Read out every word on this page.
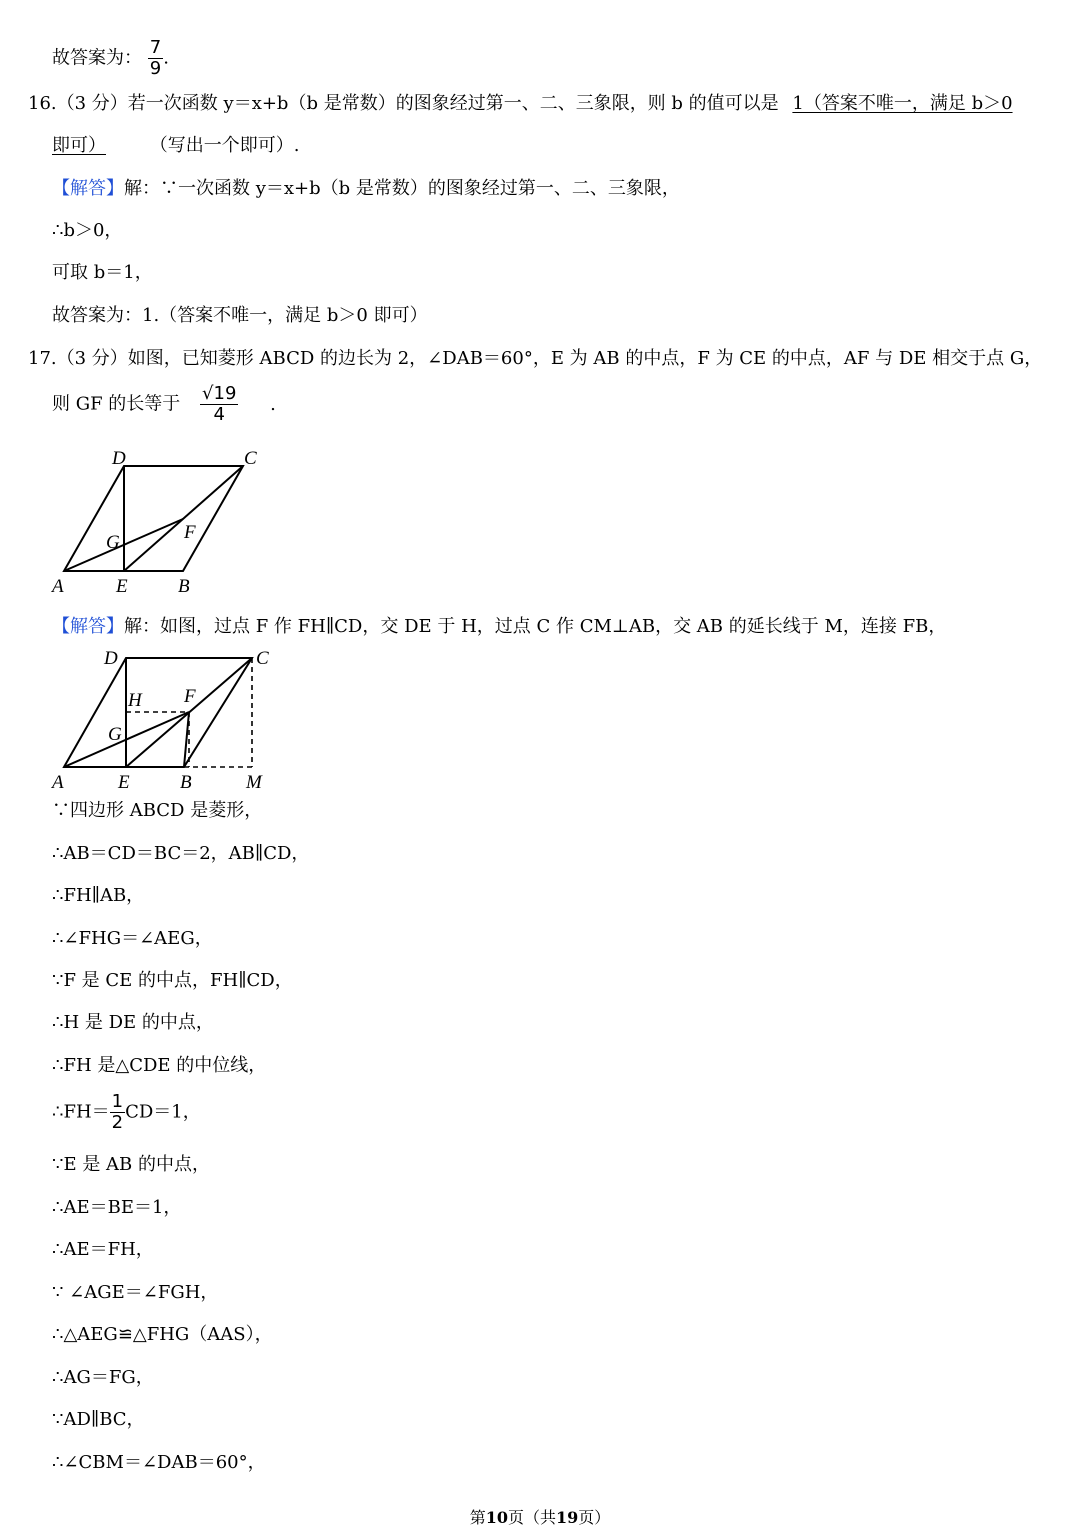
故答案为： $\frac{7}{9}$ .
16.（3 分）若一次函数 y＝x+b（b 是常数）的图象经过第一、二、三象限，则 b 的值可以是 1（答案不唯一，满足 b＞0
即可） （写出一个即可）.
【解答】解：∵一次函数 y＝x+b（b 是常数）的图象经过第一、二、三象限，
∴b＞0，
可取 b＝1，
故答案为：1.（答案不唯一，满足 b＞0 即可）
17.（3 分）如图，已知菱形 ABCD 的边长为 2，∠DAB＝60°，E 为 AB 的中点，F 为 CE 的中点，AF 与 DE 相交于点 G，
则 GF 的长等于 $\frac{√19}{4}$ .
A	E	B
C
D
F
G
【解答】解：如图，过点 F 作 FH∥CD，交 DE 于 H，过点 C 作 CM⊥AB，交 AB 的延长线于 M，连接 FB，
A	E	B	M
C
D
H F
G
∵四边形 ABCD 是菱形，
∴AB＝CD＝BC＝2，AB∥CD，
∴FH∥AB，
∴∠FHG＝∠AEG，
∵F 是 CE 的中点，FH∥CD，
∴H 是 DE 的中点，
∴FH 是△CDE 的中位线，
∴FH＝ $\frac{1}{2} CD=1$，
∵E 是 AB 的中点，
∴AE＝BE＝1，
∴AE＝FH，
∵ ∠AGE＝∠FGH，
∴△AEG≌△FHG（AAS），
∴AG＝FG，
∵AD∥BC，
∴∠CBM＝∠DAB＝60°，
第10页（共19页）
